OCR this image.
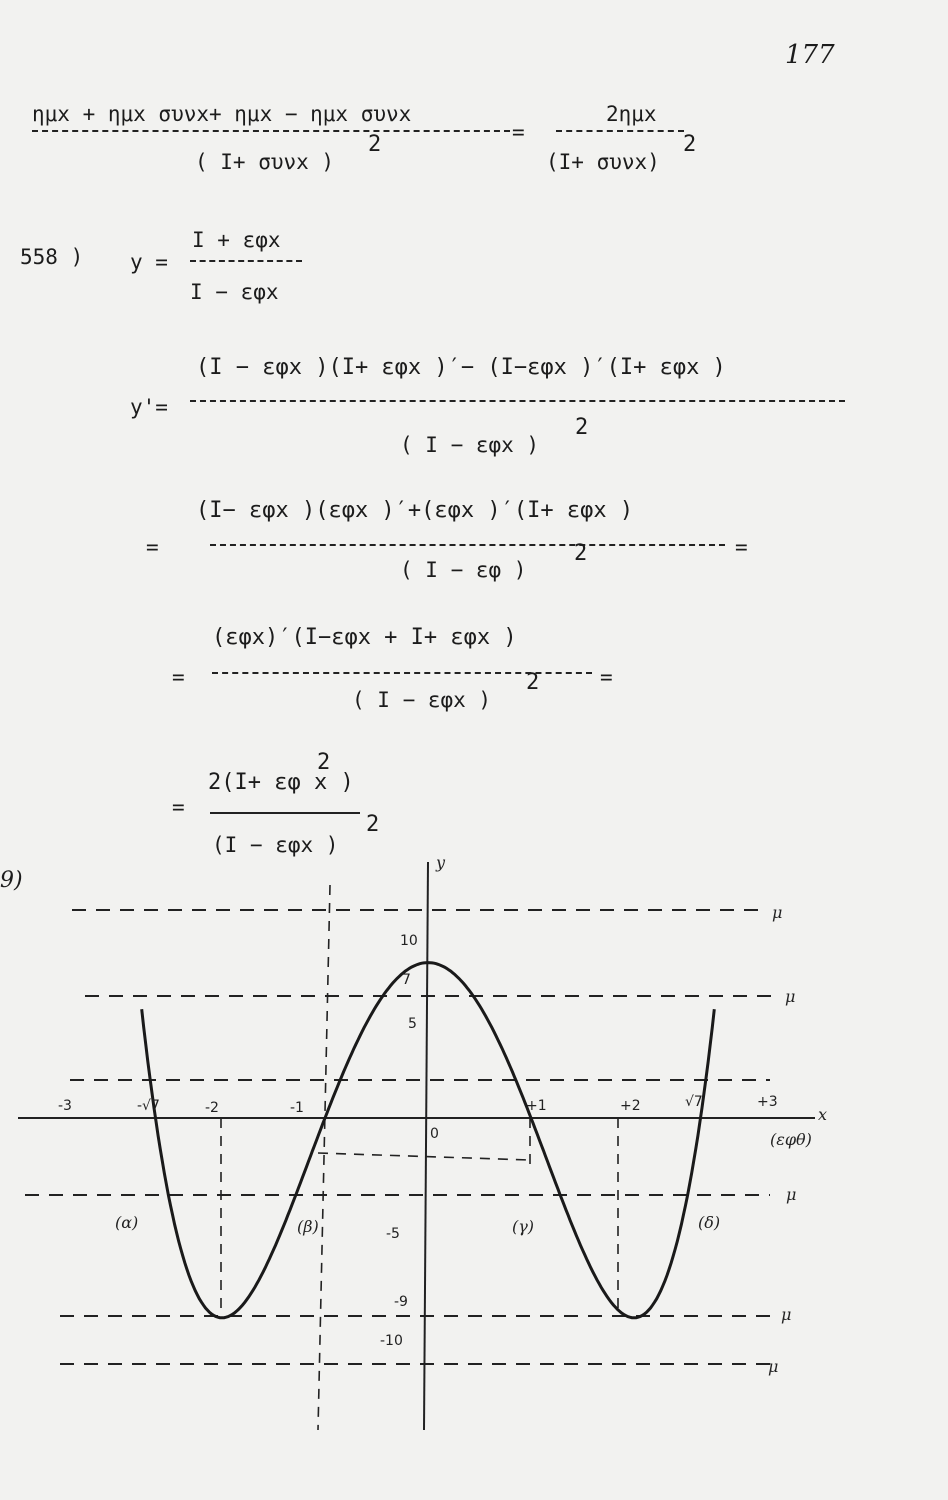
177
ημx + ημx συνx+ ημx − ημx συνx
( I+ συνx )
2	=
2ημx
(I+ συνx)
2
558 ) y =
I + εφx
I − εφx
(I − εφx )(I+ εφx )′− (I−εφx )′(I+ εφx )
y'=
( I − εφx )
2
(I− εφx )(εφx )′+(εφx )′(I+ εφx )
=
( I − εφ )
2	=
(εφx)′(I−εφx + I+ εφx )
=
( I − εφx )
2	=
2(I+ εφ x )
2
=
(I − εφx )
2
9)
-3	-√7	-2	-1	+1	+2	√7	+3
0
10
7
5
-5
-9
-10
y
x
(εφθ)
(α)	(β)	(γ)	(δ)
μ
μ
μ
μ
μ
